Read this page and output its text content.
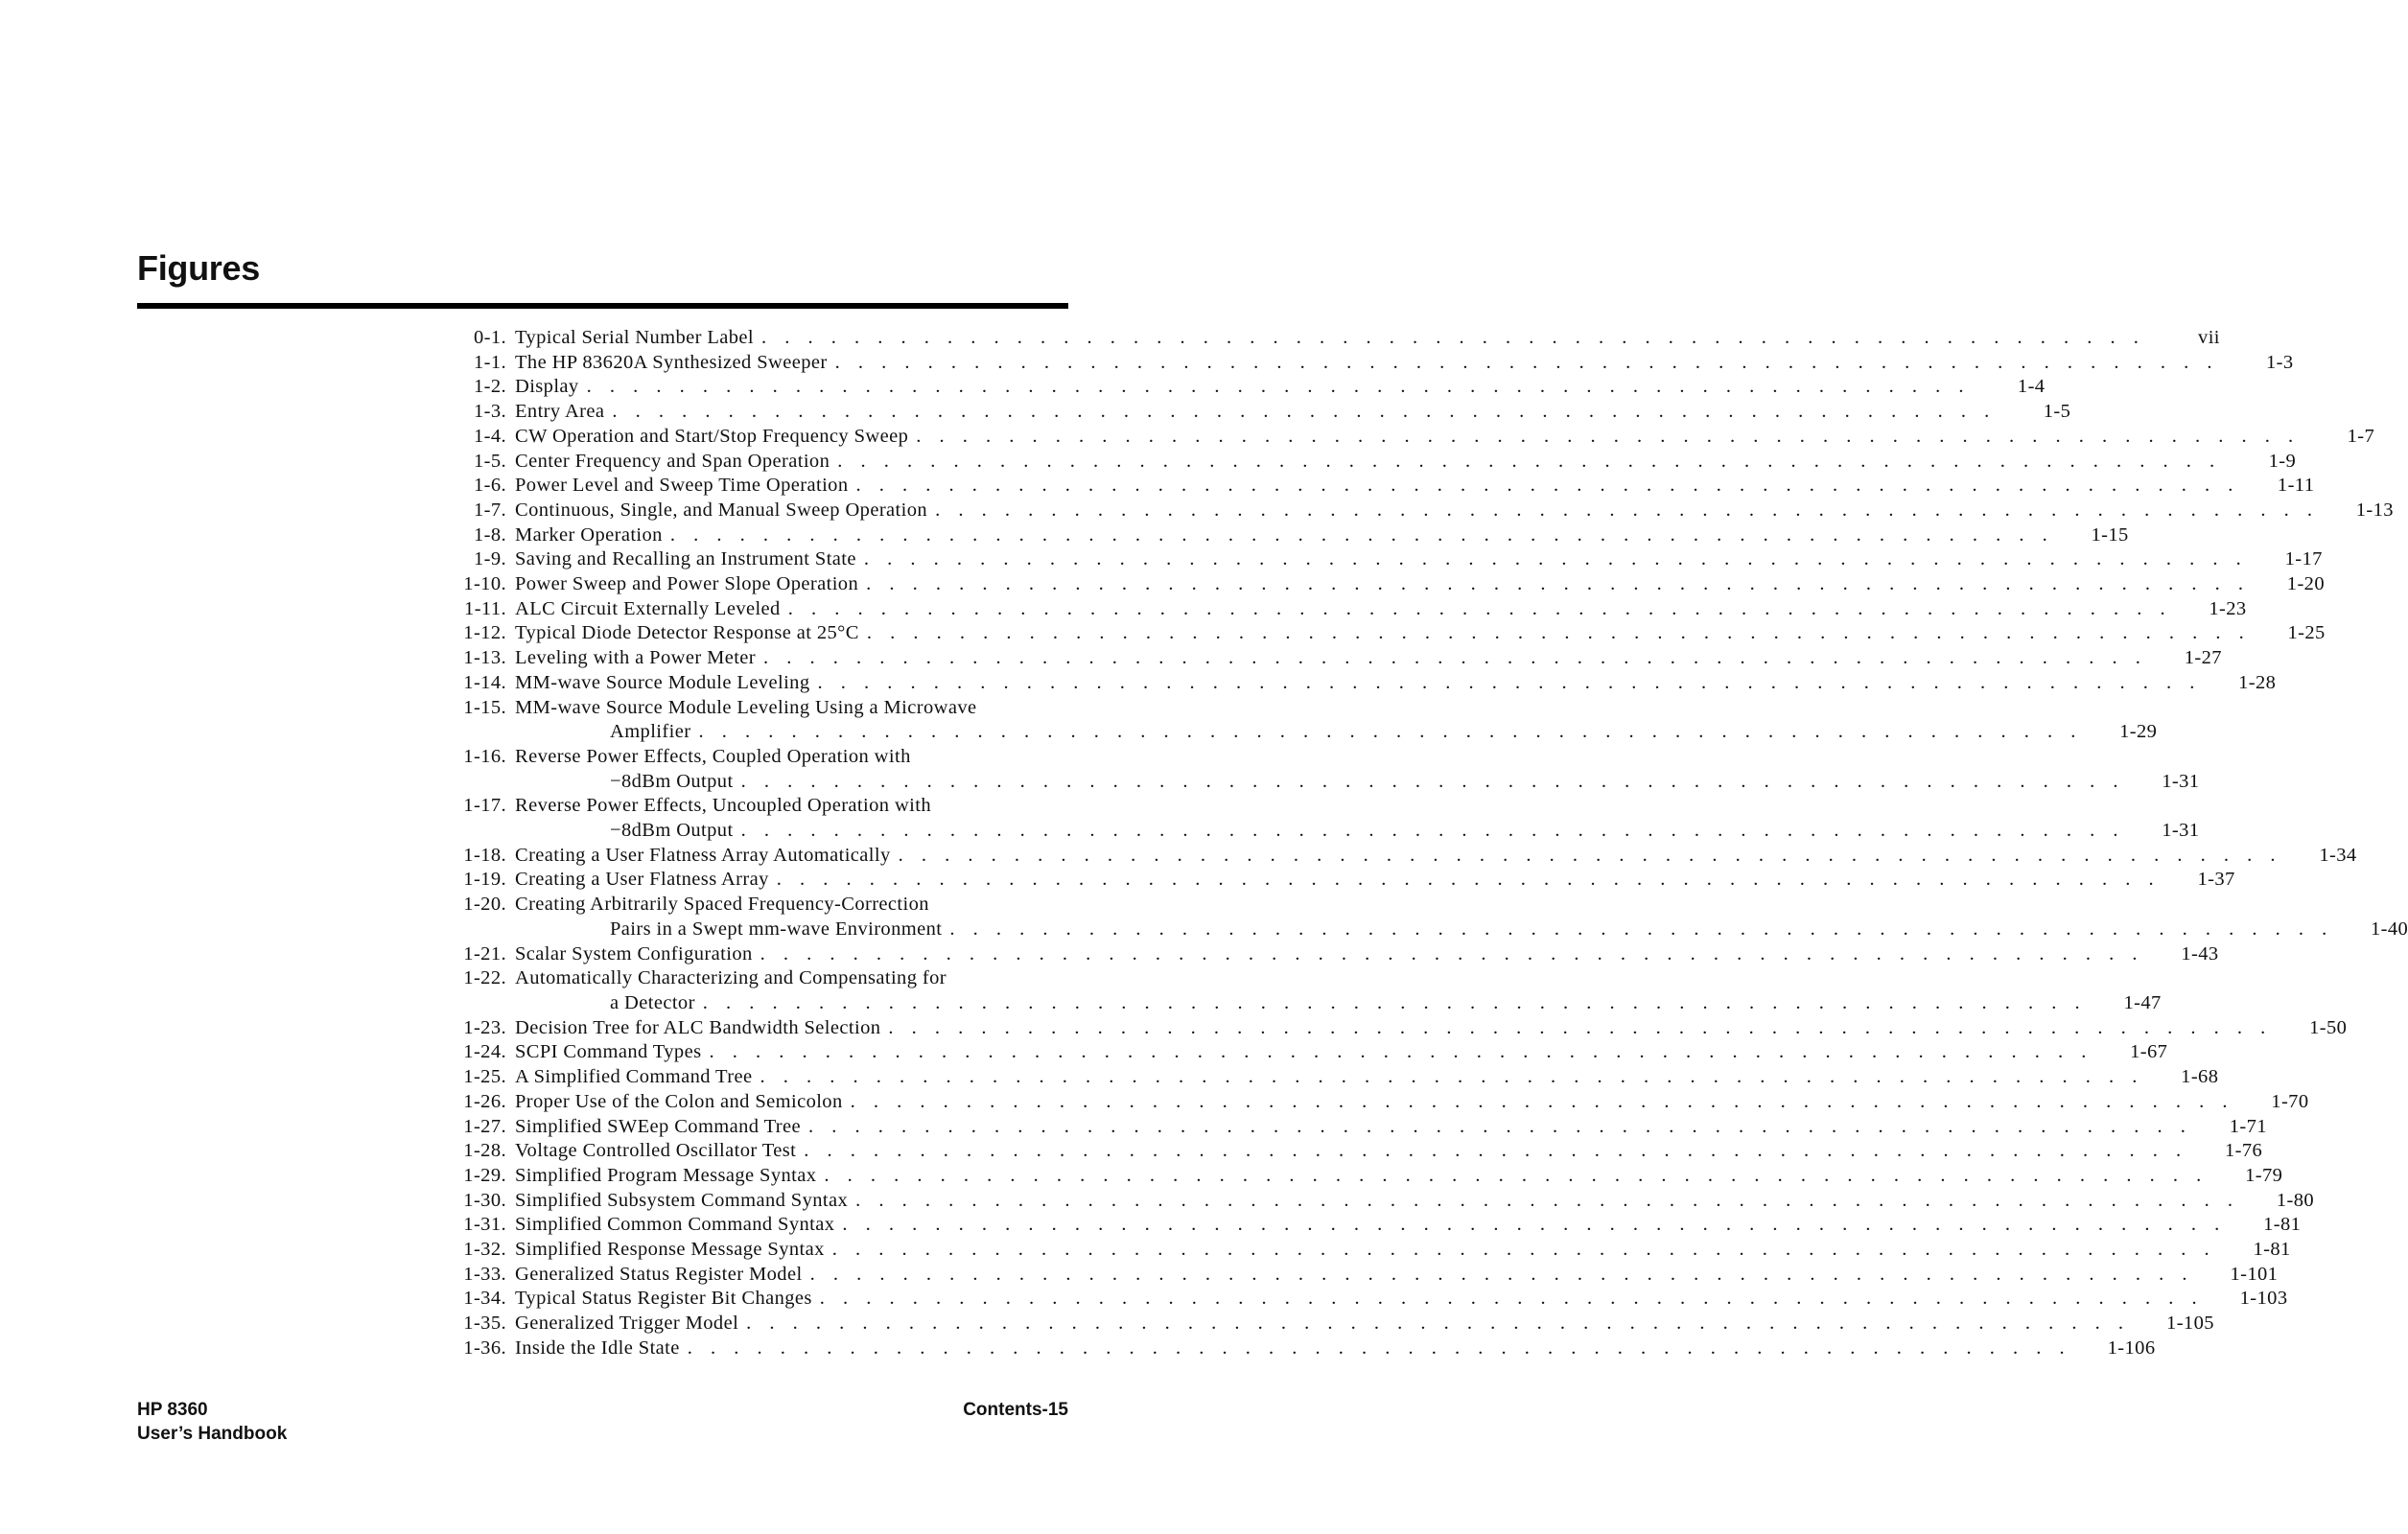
Figures
0-1. Typical Serial Number Label . . . . . . . . . . . . . . . . . . . . . . . . . . . . . . . . . . . . . . . . . . . . . . . . . . . . . . . . . . . .	vii
1-1. The HP 83620A Synthesized Sweeper . . . . . . . . . . . . . . . . . . . . . . . . . . . . . . . . . . . . . . . . . . . . . . . . . . . . . . . . . . . .	1-3
1-2. Display . . . . . . . . . . . . . . . . . . . . . . . . . . . . . . . . . . . . . . . . . . . . . . . . . . . . . . . . . . . .	1-4
1-3. Entry Area . . . . . . . . . . . . . . . . . . . . . . . . . . . . . . . . . . . . . . . . . . . . . . . . . . . . . . . . . . . .	1-5
1-4. CW Operation and Start/Stop Frequency Sweep . . . . . . . . . . . . . . . . . . . . . . . . . . . . . . . . . . . . . . . . . . . . . . . . . . . . . . . . . . . .	1-7
1-5. Center Frequency and Span Operation . . . . . . . . . . . . . . . . . . . . . . . . . . . . . . . . . . . . . . . . . . . . . . . . . . . . . . . . . . . .	1-9
1-6. Power Level and Sweep Time Operation . . . . . . . . . . . . . . . . . . . . . . . . . . . . . . . . . . . . . . . . . . . . . . . . . . . . . . . . . . . . 1-11
1-7. Continuous, Single, and Manual Sweep Operation . . . . . . . . . . . . . . . . . . . . . . . . . . . . . . . . . . . . . . . . . . . . . . . . . . . . . . . . . . . . 1-13
1-8. Marker Operation . . . . . . . . . . . . . . . . . . . . . . . . . . . . . . . . . . . . . . . . . . . . . . . . . . . . . . . . . . . . 1-15
1-9. Saving and Recalling an Instrument State . . . . . . . . . . . . . . . . . . . . . . . . . . . . . . . . . . . . . . . . . . . . . . . . . . . . . . . . . . . . 1-17
1-10. Power Sweep and Power Slope Operation . . . . . . . . . . . . . . . . . . . . . . . . . . . . . . . . . . . . . . . . . . . . . . . . . . . . . . . . . . . . 1-20
1-11. ALC Circuit Externally Leveled . . . . . . . . . . . . . . . . . . . . . . . . . . . . . . . . . . . . . . . . . . . . . . . . . . . . . . . . . . . . 1-23
1-12. Typical Diode Detector Response at 25°C . . . . . . . . . . . . . . . . . . . . . . . . . . . . . . . . . . . . . . . . . . . . . . . . . . . . . . . . . . . . 1-25
1-13. Leveling with a Power Meter . . . . . . . . . . . . . . . . . . . . . . . . . . . . . . . . . . . . . . . . . . . . . . . . . . . . . . . . . . . . 1-27
1-14. MM-wave Source Module Leveling . . . . . . . . . . . . . . . . . . . . . . . . . . . . . . . . . . . . . . . . . . . . . . . . . . . . . . . . . . . . 1-28
1-15. MM-wave Source Module Leveling Using a Microwave
Amplifier . . . . . . . . . . . . . . . . . . . . . . . . . . . . . . . . . . . . . . . . . . . . . . . . . . . . . . . . . . . . 1-29
1-16. Reverse Power Effects, Coupled Operation with
−8dBm Output . . . . . . . . . . . . . . . . . . . . . . . . . . . . . . . . . . . . . . . . . . . . . . . . . . . . . . . . . . . . 1-31
1-17. Reverse Power Effects, Uncoupled Operation with
−8dBm Output . . . . . . . . . . . . . . . . . . . . . . . . . . . . . . . . . . . . . . . . . . . . . . . . . . . . . . . . . . . . 1-31
1-18. Creating a User Flatness Array Automatically . . . . . . . . . . . . . . . . . . . . . . . . . . . . . . . . . . . . . . . . . . . . . . . . . . . . . . . . . . . . 1-34
1-19. Creating a User Flatness Array . . . . . . . . . . . . . . . . . . . . . . . . . . . . . . . . . . . . . . . . . . . . . . . . . . . . . . . . . . . . 1-37
1-20. Creating Arbitrarily Spaced Frequency-Correction
Pairs in a Swept mm-wave Environment . . . . . . . . . . . . . . . . . . . . . . . . . . . . . . . . . . . . . . . . . . . . . . . . . . . . . . . . . . . . 1-40
1-21. Scalar System Configuration . . . . . . . . . . . . . . . . . . . . . . . . . . . . . . . . . . . . . . . . . . . . . . . . . . . . . . . . . . . . 1-43
1-22. Automatically Characterizing and Compensating for
a Detector . . . . . . . . . . . . . . . . . . . . . . . . . . . . . . . . . . . . . . . . . . . . . . . . . . . . . . . . . . . . 1-47
1-23. Decision Tree for ALC Bandwidth Selection . . . . . . . . . . . . . . . . . . . . . . . . . . . . . . . . . . . . . . . . . . . . . . . . . . . . . . . . . . . . 1-50
1-24. SCPI Command Types . . . . . . . . . . . . . . . . . . . . . . . . . . . . . . . . . . . . . . . . . . . . . . . . . . . . . . . . . . . . 1-67
1-25. A Simplified Command Tree . . . . . . . . . . . . . . . . . . . . . . . . . . . . . . . . . . . . . . . . . . . . . . . . . . . . . . . . . . . . 1-68
1-26. Proper Use of the Colon and Semicolon . . . . . . . . . . . . . . . . . . . . . . . . . . . . . . . . . . . . . . . . . . . . . . . . . . . . . . . . . . . . 1-70
1-27. Simplified SWEep Command Tree . . . . . . . . . . . . . . . . . . . . . . . . . . . . . . . . . . . . . . . . . . . . . . . . . . . . . . . . . . . . 1-71
1-28. Voltage Controlled Oscillator Test . . . . . . . . . . . . . . . . . . . . . . . . . . . . . . . . . . . . . . . . . . . . . . . . . . . . . . . . . . . . 1-76
1-29. Simplified Program Message Syntax . . . . . . . . . . . . . . . . . . . . . . . . . . . . . . . . . . . . . . . . . . . . . . . . . . . . . . . . . . . . 1-79
1-30. Simplified Subsystem Command Syntax . . . . . . . . . . . . . . . . . . . . . . . . . . . . . . . . . . . . . . . . . . . . . . . . . . . . . . . . . . . . 1-80
1-31. Simplified Common Command Syntax . . . . . . . . . . . . . . . . . . . . . . . . . . . . . . . . . . . . . . . . . . . . . . . . . . . . . . . . . . . . 1-81
1-32. Simplified Response Message Syntax . . . . . . . . . . . . . . . . . . . . . . . . . . . . . . . . . . . . . . . . . . . . . . . . . . . . . . . . . . . . 1-81
1-33. Generalized Status Register Model . . . . . . . . . . . . . . . . . . . . . . . . . . . . . . . . . . . . . . . . . . . . . . . . . . . . . . . . . . . . 1-101
1-34. Typical Status Register Bit Changes . . . . . . . . . . . . . . . . . . . . . . . . . . . . . . . . . . . . . . . . . . . . . . . . . . . . . . . . . . . . 1-103
1-35. Generalized Trigger Model . . . . . . . . . . . . . . . . . . . . . . . . . . . . . . . . . . . . . . . . . . . . . . . . . . . . . . . . . . . . 1-105
1-36. Inside the Idle State . . . . . . . . . . . . . . . . . . . . . . . . . . . . . . . . . . . . . . . . . . . . . . . . . . . . . . . . . . . . 1-106
HP 8360
User’s Handbook
Contents-15
